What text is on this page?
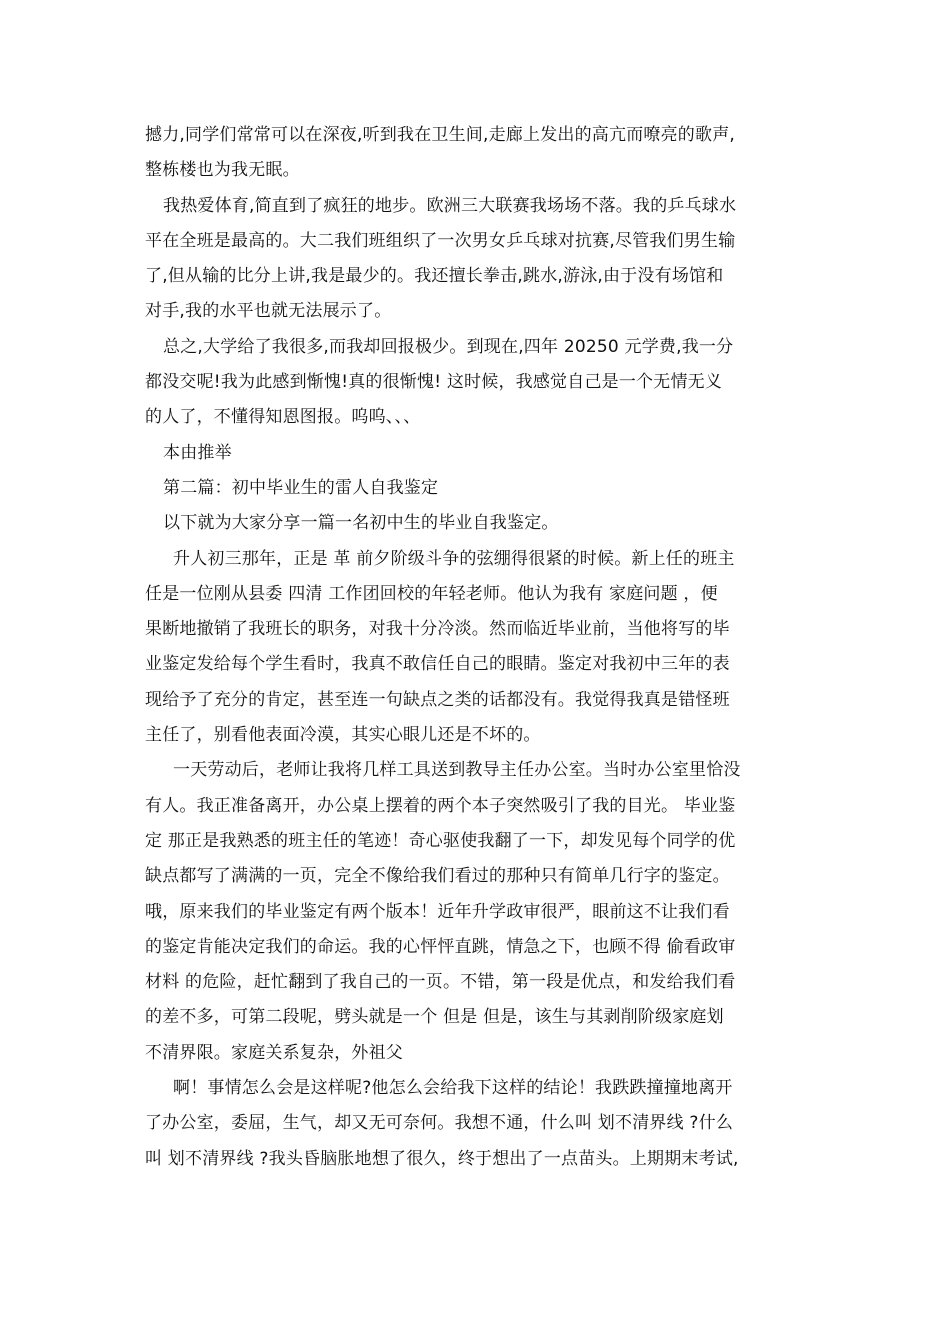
撼力,同学们常常可以在深夜,听到我在卫生间,走廊上发出的高亢而嘹亮的歌声,
整栋楼也为我无眠。
我热爱体育,简直到了疯狂的地步。欧洲三大联赛我场场不落。我的乒乓球水
平在全班是最高的。大二我们班组织了一次男女乒乓球对抗赛,尽管我们男生输
了,但从输的比分上讲,我是最少的。我还擅长拳击,跳水,游泳,由于没有场馆和
对手,我的水平也就无法展示了。
总之,大学给了我很多,而我却回报极少。到现在,四年 20250 元学费,我一分
都没交呢!我为此感到惭愧!真的很惭愧! 这时候，我感觉自己是一个无情无义
的人了，不懂得知恩图报。呜呜、、、
本由推举
第二篇：初中毕业生的雷人自我鉴定
以下就为大家分享一篇一名初中生的毕业自我鉴定。
升人初三那年，正是 革 前夕阶级斗争的弦绷得很紧的时候。新上任的班主
任是一位刚从县委 四清 工作团回校的年轻老师。他认为我有 家庭问题 ，便
果断地撤销了我班长的职务，对我十分冷淡。然而临近毕业前，当他将写的毕
业鉴定发给每个学生看时，我真不敢信任自己的眼睛。鉴定对我初中三年的表
现给予了充分的肯定，甚至连一句缺点之类的话都没有。我觉得我真是错怪班
主任了，别看他表面冷漠，其实心眼儿还是不坏的。
一天劳动后，老师让我将几样工具送到教导主任办公室。当时办公室里恰没
有人。我正准备离开，办公桌上摆着的两个本子突然吸引了我的目光。 毕业鉴
定 那正是我熟悉的班主任的笔迹！奇心驱使我翻了一下，却发见每个同学的优
缺点都写了满满的一页，完全不像给我们看过的那种只有简单几行字的鉴定。
哦，原来我们的毕业鉴定有两个版本！近年升学政审很严，眼前这不让我们看
的鉴定肯能决定我们的命运。我的心怦怦直跳，情急之下，也顾不得 偷看政审
材料 的危险，赶忙翻到了我自己的一页。不错，第一段是优点，和发给我们看
的差不多，可第二段呢，劈头就是一个 但是 但是，该生与其剥削阶级家庭划
不清界限。家庭关系复杂，外祖父
啊！事情怎么会是这样呢?他怎么会给我下这样的结论！我跌跌撞撞地离开
了办公室，委屈，生气，却又无可奈何。我想不通，什么叫 划不清界线 ?什么
叫 划不清界线 ?我头昏脑胀地想了很久，终于想出了一点苗头。上期期末考试,
